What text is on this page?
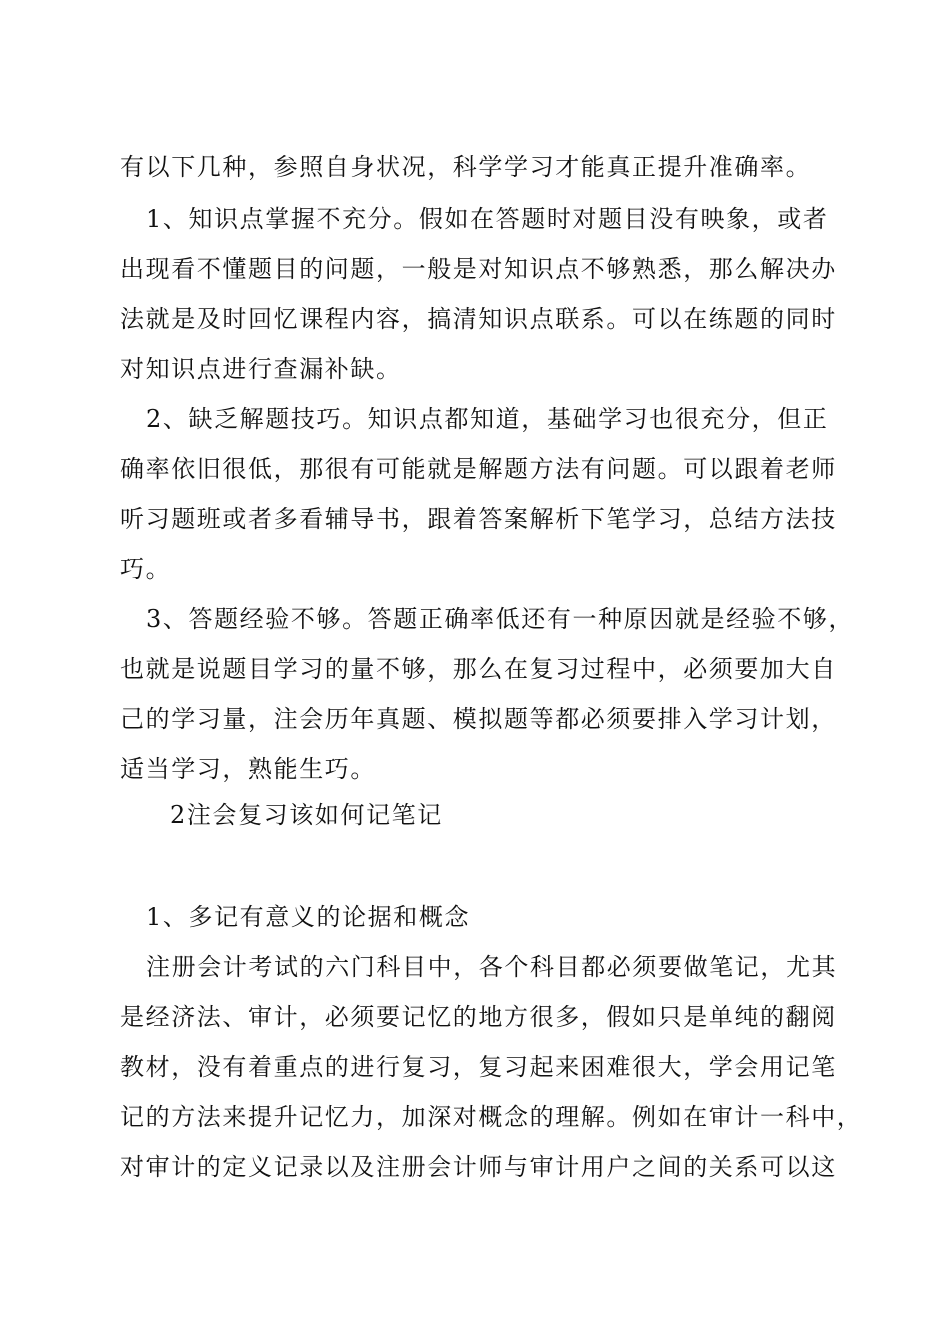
有以下几种，参照自身状况，科学学习才能真正提升准确率。
1、知识点掌握不充分。假如在答题时对题目没有映象，或者
出现看不懂题目的问题，一般是对知识点不够熟悉，那么解决办
法就是及时回忆课程内容，搞清知识点联系。可以在练题的同时
对知识点进行查漏补缺。
2、缺乏解题技巧。知识点都知道，基础学习也很充分，但正
确率依旧很低，那很有可能就是解题方法有问题。可以跟着老师
听习题班或者多看辅导书，跟着答案解析下笔学习，总结方法技
巧。
3、答题经验不够。答题正确率低还有一种原因就是经验不够，
也就是说题目学习的量不够，那么在复习过程中，必须要加大自
己的学习量，注会历年真题、模拟题等都必须要排入学习计划，
适当学习，熟能生巧。
2注会复习该如何记笔记
1、多记有意义的论据和概念
注册会计考试的六门科目中，各个科目都必须要做笔记，尤其
是经济法、审计，必须要记忆的地方很多，假如只是单纯的翻阅
教材，没有着重点的进行复习，复习起来困难很大，学会用记笔
记的方法来提升记忆力，加深对概念的理解。例如在审计一科中，
对审计的定义记录以及注册会计师与审计用户之间的关系可以这
